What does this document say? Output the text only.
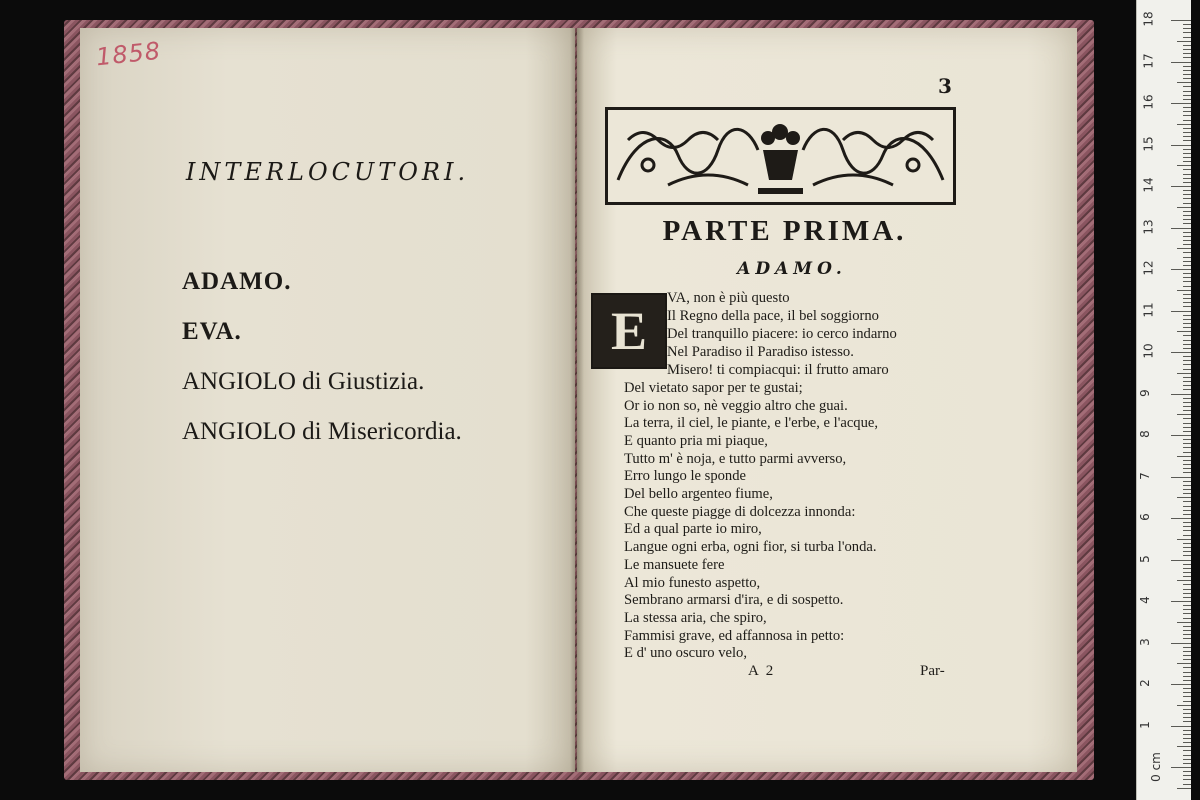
1858
INTERLOCUTORI.
ADAMO.
EVA.
ANGIOLO di Giustizia.
ANGIOLO di Misericordia.
3
PARTE PRIMA.
ADAMO.
E
VA, non è più questo
Il Regno della pace, il bel soggiorno
Del tranquillo piacere: io cerco indarno
Nel Paradiso il Paradiso istesso.
Misero! ti compiacqui: il frutto amaro
Del vietato sapor per te gustai;
Or io non so, nè veggio altro che guai.
La terra, il ciel, le piante, e l'erbe, e l'acque,
E quanto pria mi piaque,
Tutto m' è noja, e tutto parmi avverso,
Erro lungo le sponde
Del bello argenteo fiume,
Che queste piagge di dolcezza innonda:
Ed a qual parte io miro,
Langue ogni erba, ogni fior, si turba l'onda.
Le mansuete fere
Al mio funesto aspetto,
Sembrano armarsi d'ira, e di sospetto.
La stessa aria, che spiro,
Fammisi grave, ed affannosa in petto:
E d' uno oscuro velo,
A 2	Par-
18
17
16
15
14
13
12
11
10
9
8
7
6
5
4
3
2
1
0 cm
